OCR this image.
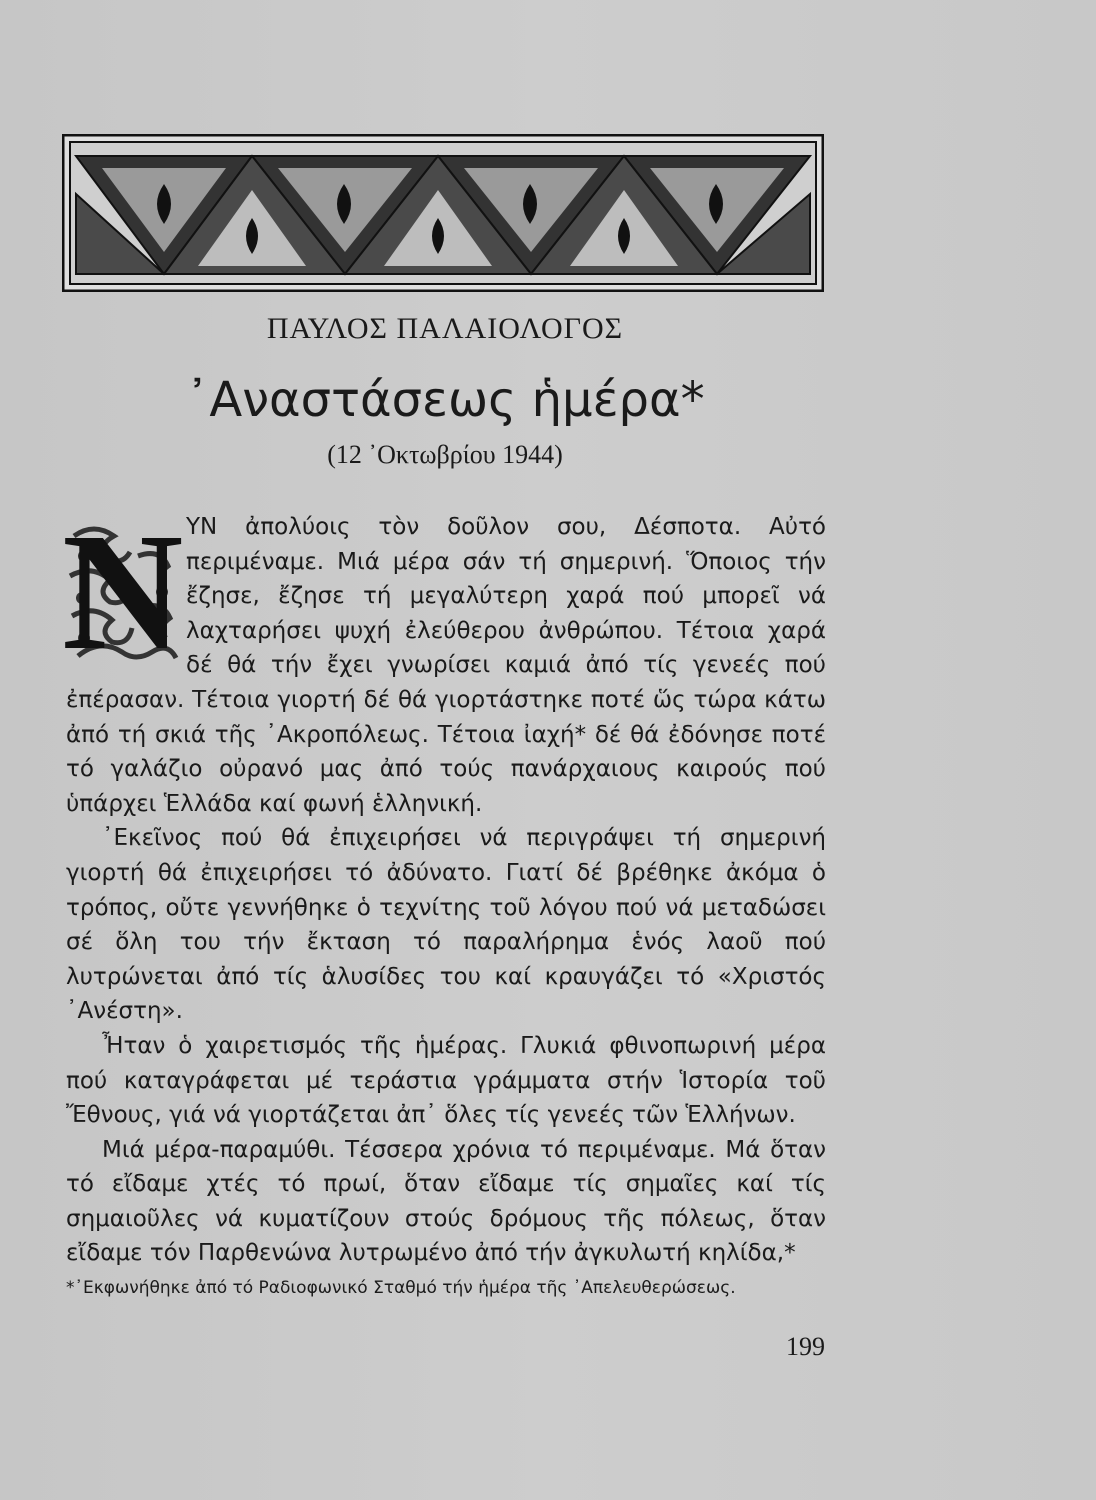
ΠΑΥΛΟΣ ΠΑΛΑΙΟΛΟΓΟΣ
᾿Αναστάσεως ἡμέρα*
(12 ᾿Οκτωβρίου 1944)
Ν ΥΝ ἀπολύοις τὸν δοῦλον σου, Δέσποτα. Αὐτό περιμέναμε. Μιά μέρα σάν τή σημερινή. Ὅποιος τήν ἔζησε, ἔζησε τή μεγαλύτερη χαρά πού μπορεῖ νά λαχταρήσει ψυχή ἐλεύθερου ἀνθρώπου. Τέτοια χαρά δέ θά τήν ἔχει γνωρίσει καμιά ἀπό τίς γενεές πού ἐπέρασαν. Τέτοια γιορτή δέ θά γιορτάστηκε ποτέ ὥς τώρα κάτω ἀπό τή σκιά τῆς ᾿Ακροπόλεως. Τέτοια ἰαχή* δέ θά ἐδόνησε ποτέ τό γαλάζιο οὐρανό μας ἀπό τούς πανάρχαιους καιρούς πού ὑπάρχει Ἑλλάδα καί φωνή ἑλληνική.

᾿Εκεῖνος πού θά ἐπιχειρήσει νά περιγράψει τή σημερινή γιορτή θά ἐπιχειρήσει τό ἀδύνατο. Γιατί δέ βρέθηκε ἀκόμα ὁ τρόπος, οὔτε γεννήθηκε ὁ τεχνίτης τοῦ λόγου πού νά μεταδώσει σέ ὅλη του τήν ἔκταση τό παραλήρημα ἑνός λαοῦ πού λυτρώνεται ἀπό τίς ἁλυσίδες του καί κραυγάζει τό «Χριστός ᾿Ανέστη».

Ἦταν ὁ χαιρετισμός τῆς ἡμέρας. Γλυκιά φθινοπωρινή μέρα πού καταγράφεται μέ τεράστια γράμματα στήν Ἱστορία τοῦ Ἔθνους, γιά νά γιορτάζεται ἀπ᾿ ὅλες τίς γενεές τῶν Ἑλλήνων.

Μιά μέρα-παραμύθι. Τέσσερα χρόνια τό περιμέναμε. Μά ὅταν τό εἴδαμε χτές τό πρωί, ὅταν εἴδαμε τίς σημαῖες καί τίς σημαιοῦλες νά κυματίζουν στούς δρόμους τῆς πόλεως, ὅταν εἴδαμε τόν Παρθενώνα λυτρωμένο ἀπό τήν ἀγκυλωτή κηλίδα,*

*᾿Εκφωνήθηκε ἀπό τό Ραδιοφωνικό Σταθμό τήν ἡμέρα τῆς ᾿Απελευθερώσεως.
199
